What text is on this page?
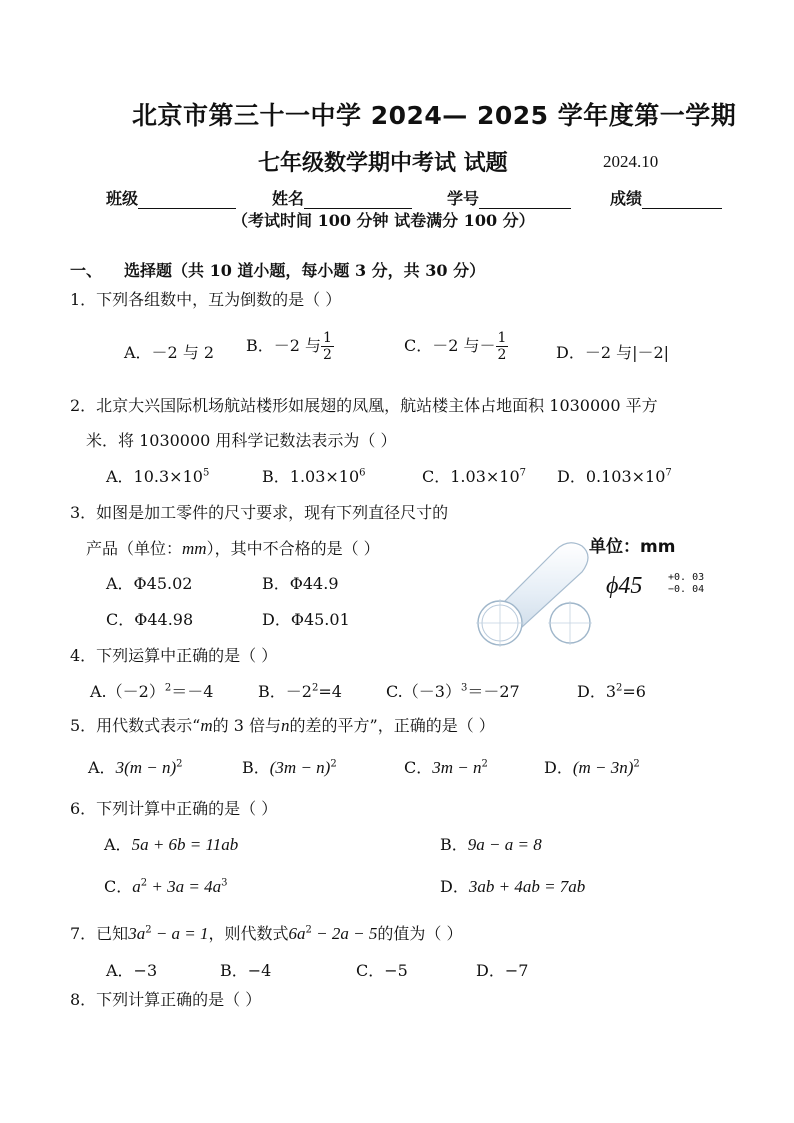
北京市第三十一中学 2024— 2025 学年度第一学期
七年级数学期中考试 试题	2024.10
班级	姓名	学号	成绩
（考试时间 100 分钟 试卷满分 100 分）
一、 选择题（共 10 道小题，每小题 3 分，共 30 分）
1．下列各组数中，互为倒数的是（ ）
A．－2 与 2 B．－2 与 $\frac{1}{2}$	C．－2 与－ $\frac{1}{2}$	D．－2 与|－2|
2．北京大兴国际机场航站楼形如展翅的凤凰，航站楼主体占地面积 1030000 平方
米．将 1030000 用科学记数法表示为（ ）
A．$10.3\times 10^5$	B．$1.03\times 10^6$	C．$1.03\times 10^7$ D．$0.103\times 10^7$
3．如图是加工零件的尺寸要求，现有下列直径尺寸的
产品（单位：mm），其中不合格的是（ ）
A．Φ45.02	B．Φ44.9
C．Φ44.98	D．Φ45.01
单位：mm
ϕ45	+0. 03
−0. 04
4．下列运算中正确的是（ ）
$A.(-2)^2=-4$	B．$-2^2=4$	$C.(-3)^3=-27$	D．$3^2=6$
5．用代数式表示“m的 3 倍与n的差的平方”，正确的是（ ）
A．$3(m - n)^2$	B．$(3m - n)^2$	C．$3m - n^2$	D．$(m - 3n)^2$
6．下列计算中正确的是（ ）
A．5a + 6b = 11ab	B．9a − a = 8
C．$a^2 + 3a = 4a^3$	D．3ab + 4ab = 7ab
7．已知$3a^2 - a = 1$，则代数式$6a^2 - 2a - 5$的值为（ ）
A．−3	B．−4	C．−5	D．−7
8．下列计算正确的是（ ）
